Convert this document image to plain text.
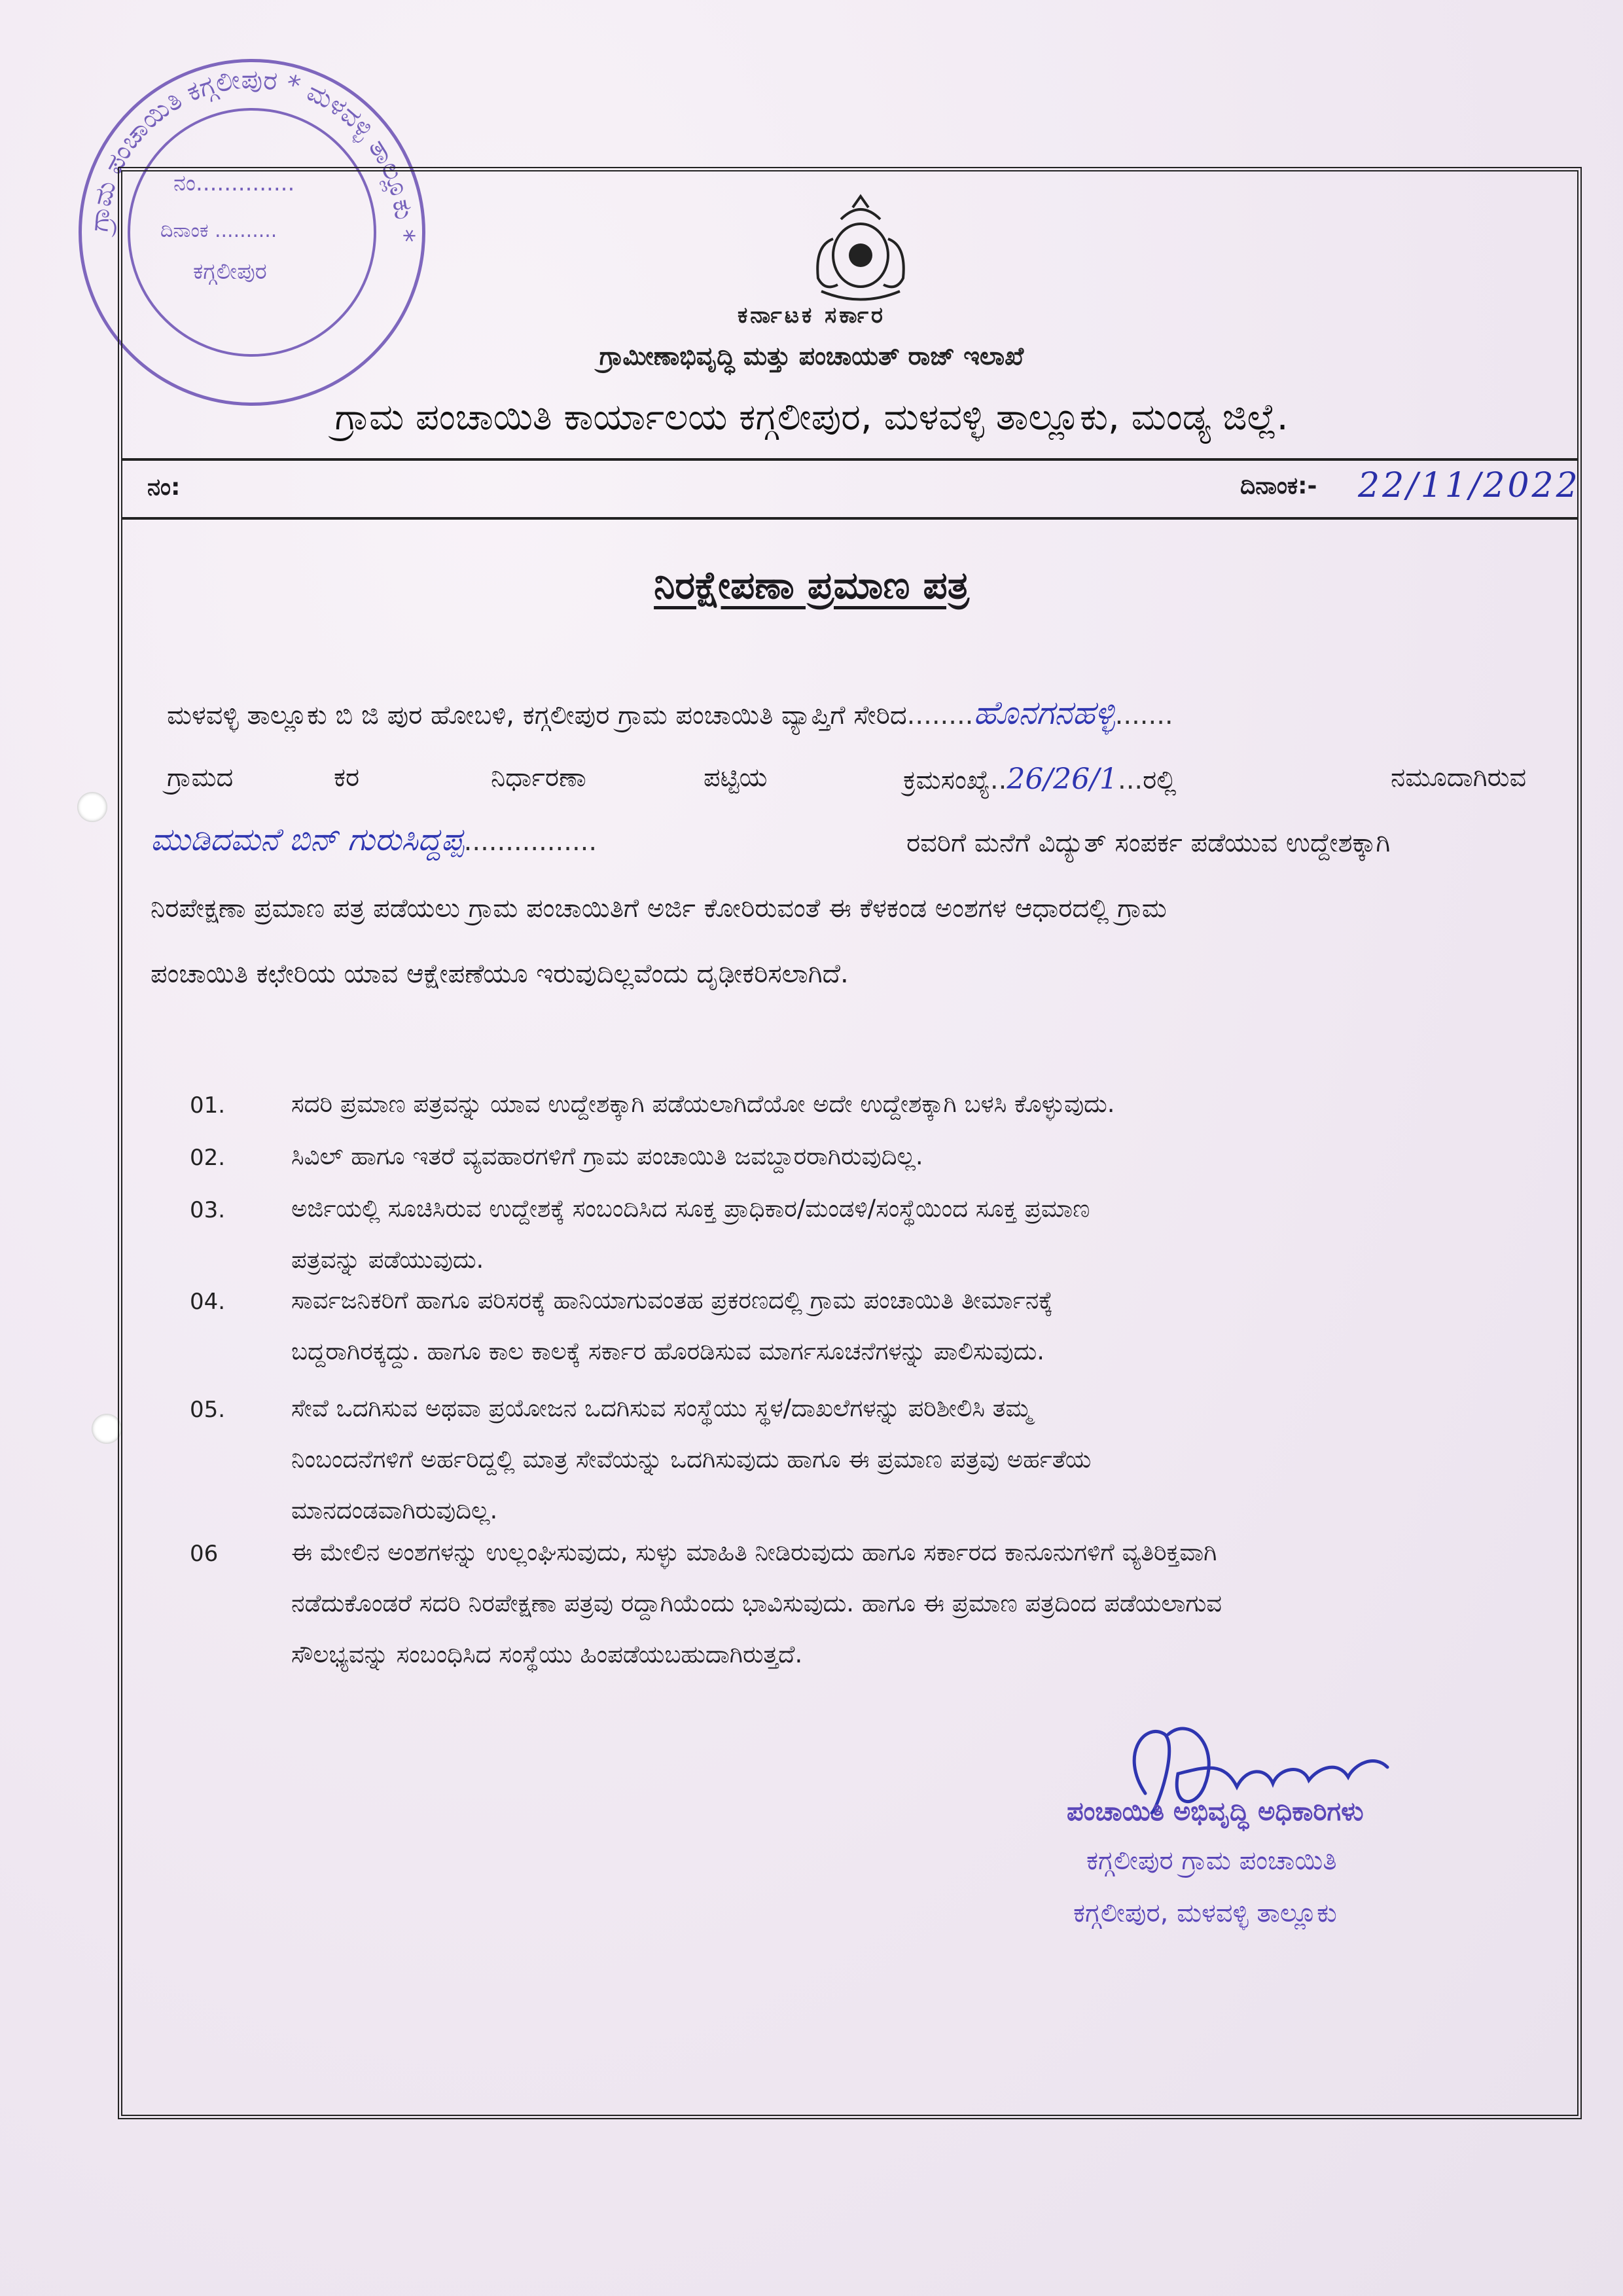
ಗ್ರಾಮ ಪಂಚಾಯಿತಿ ಕಗ್ಗಲೀಪುರ * ಮಳವಳ್ಳಿ ತಾಲ್ಲೂಕು *
ನಂ..............
ದಿನಾಂಕ ..........
ಕಗ್ಗಲೀಪುರ
ಕರ್ನಾಟಕ ಸರ್ಕಾರ
ಗ್ರಾಮೀಣಾಭಿವೃದ್ಧಿ ಮತ್ತು ಪಂಚಾಯತ್ ರಾಜ್ ಇಲಾಖೆ
ಗ್ರಾಮ ಪಂಚಾಯಿತಿ ಕಾರ್ಯಾಲಯ ಕಗ್ಗಲೀಪುರ, ಮಳವಳ್ಳಿ ತಾಲ್ಲೂಕು, ಮಂಡ್ಯ ಜಿಲ್ಲೆ.
ನಂ:	ದಿನಾಂಕ:- 22/11/2022
ನಿರಕ್ಷೇಪಣಾ ಪ್ರಮಾಣ ಪತ್ರ
ಮಳವಳ್ಳಿ ತಾಲ್ಲೂಕು ಬಿ ಜಿ ಪುರ ಹೋಬಳಿ, ಕಗ್ಗಲೀಪುರ ಗ್ರಾಮ ಪಂಚಾಯಿತಿ ವ್ಯಾಪ್ತಿಗೆ ಸೇರಿದ........ಹೊನಗನಹಳ್ಳಿ.......
ಗ್ರಾಮದ	ಕರ	ನಿರ್ಧಾರಣಾ	ಪಟ್ಟಿಯ	ಕ್ರಮಸಂಖ್ಯೆ..26/26/1...ರಲ್ಲಿ	ನಮೂದಾಗಿರುವ
ಮುಡಿದಮನೆ ಬಿನ್ ಗುರುಸಿದ್ದಪ್ಪ................	ರವರಿಗೆ ಮನೆಗೆ ವಿದ್ಯುತ್ ಸಂಪರ್ಕ ಪಡೆಯುವ ಉದ್ದೇಶಕ್ಕಾಗಿ
ನಿರಪೇಕ್ಷಣಾ ಪ್ರಮಾಣ ಪತ್ರ ಪಡೆಯಲು ಗ್ರಾಮ ಪಂಚಾಯಿತಿಗೆ ಅರ್ಜಿ ಕೋರಿರುವಂತೆ ಈ ಕೆಳಕಂಡ ಅಂಶಗಳ ಆಧಾರದಲ್ಲಿ ಗ್ರಾಮ
ಪಂಚಾಯಿತಿ ಕಛೇರಿಯ ಯಾವ ಆಕ್ಷೇಪಣೆಯೂ ಇರುವುದಿಲ್ಲವೆಂದು ದೃಢೀಕರಿಸಲಾಗಿದೆ.
01.	ಸದರಿ ಪ್ರಮಾಣ ಪತ್ರವನ್ನು ಯಾವ ಉದ್ದೇಶಕ್ಕಾಗಿ ಪಡೆಯಲಾಗಿದೆಯೋ ಅದೇ ಉದ್ದೇಶಕ್ಕಾಗಿ ಬಳಸಿ ಕೊಳ್ಳುವುದು.
02.	ಸಿವಿಲ್ ಹಾಗೂ ಇತರೆ ವ್ಯವಹಾರಗಳಿಗೆ ಗ್ರಾಮ ಪಂಚಾಯಿತಿ ಜವಬ್ದಾರರಾಗಿರುವುದಿಲ್ಲ.
03.	ಅರ್ಜಿಯಲ್ಲಿ ಸೂಚಿಸಿರುವ ಉದ್ದೇಶಕ್ಕೆ ಸಂಬಂದಿಸಿದ ಸೂಕ್ತ ಪ್ರಾಧಿಕಾರ/ಮಂಡಳಿ/ಸಂಸ್ಥೆಯಿಂದ ಸೂಕ್ತ ಪ್ರಮಾಣ
ಪತ್ರವನ್ನು ಪಡೆಯುವುದು.
04.	ಸಾರ್ವಜನಿಕರಿಗೆ ಹಾಗೂ ಪರಿಸರಕ್ಕೆ ಹಾನಿಯಾಗುವಂತಹ ಪ್ರಕರಣದಲ್ಲಿ ಗ್ರಾಮ ಪಂಚಾಯಿತಿ ತೀರ್ಮಾನಕ್ಕೆ
ಬದ್ದರಾಗಿರಕ್ಕದ್ದು. ಹಾಗೂ ಕಾಲ ಕಾಲಕ್ಕೆ ಸರ್ಕಾರ ಹೊರಡಿಸುವ ಮಾರ್ಗಸೂಚನೆಗಳನ್ನು ಪಾಲಿಸುವುದು.
05.	ಸೇವೆ ಒದಗಿಸುವ ಅಥವಾ ಪ್ರಯೋಜನ ಒದಗಿಸುವ ಸಂಸ್ಥೆಯು ಸ್ಥಳ/ದಾಖಲೆಗಳನ್ನು ಪರಿಶೀಲಿಸಿ ತಮ್ಮ
ನಿಂಬಂದನೆಗಳಿಗೆ ಅರ್ಹರಿದ್ದಲ್ಲಿ ಮಾತ್ರ ಸೇವೆಯನ್ನು ಒದಗಿಸುವುದು ಹಾಗೂ ಈ ಪ್ರಮಾಣ ಪತ್ರವು ಅರ್ಹತೆಯ
ಮಾನದಂಡವಾಗಿರುವುದಿಲ್ಲ.
06	ಈ ಮೇಲಿನ ಅಂಶಗಳನ್ನು ಉಲ್ಲಂಘಿಸುವುದು, ಸುಳ್ಳು ಮಾಹಿತಿ ನೀಡಿರುವುದು ಹಾಗೂ ಸರ್ಕಾರದ ಕಾನೂನುಗಳಿಗೆ ವ್ಯತಿರಿಕ್ತವಾಗಿ
ನಡೆದುಕೊಂಡರೆ ಸದರಿ ನಿರಪೇಕ್ಷಣಾ ಪತ್ರವು ರದ್ದಾಗಿಯೆಂದು ಭಾವಿಸುವುದು. ಹಾಗೂ ಈ ಪ್ರಮಾಣ ಪತ್ರದಿಂದ ಪಡೆಯಲಾಗುವ
ಸೌಲಭ್ಯವನ್ನು ಸಂಬಂಧಿಸಿದ ಸಂಸ್ಥೆಯು ಹಿಂಪಡೆಯಬಹುದಾಗಿರುತ್ತದೆ.
ಪಂಚಾಯಿತಿ ಅಭಿವೃದ್ಧಿ ಅಧಿಕಾರಿಗಳು
ಕಗ್ಗಲೀಪುರ ಗ್ರಾಮ ಪಂಚಾಯಿತಿ
ಕಗ್ಗಲೀಪುರ, ಮಳವಳ್ಳಿ ತಾಲ್ಲೂಕು
